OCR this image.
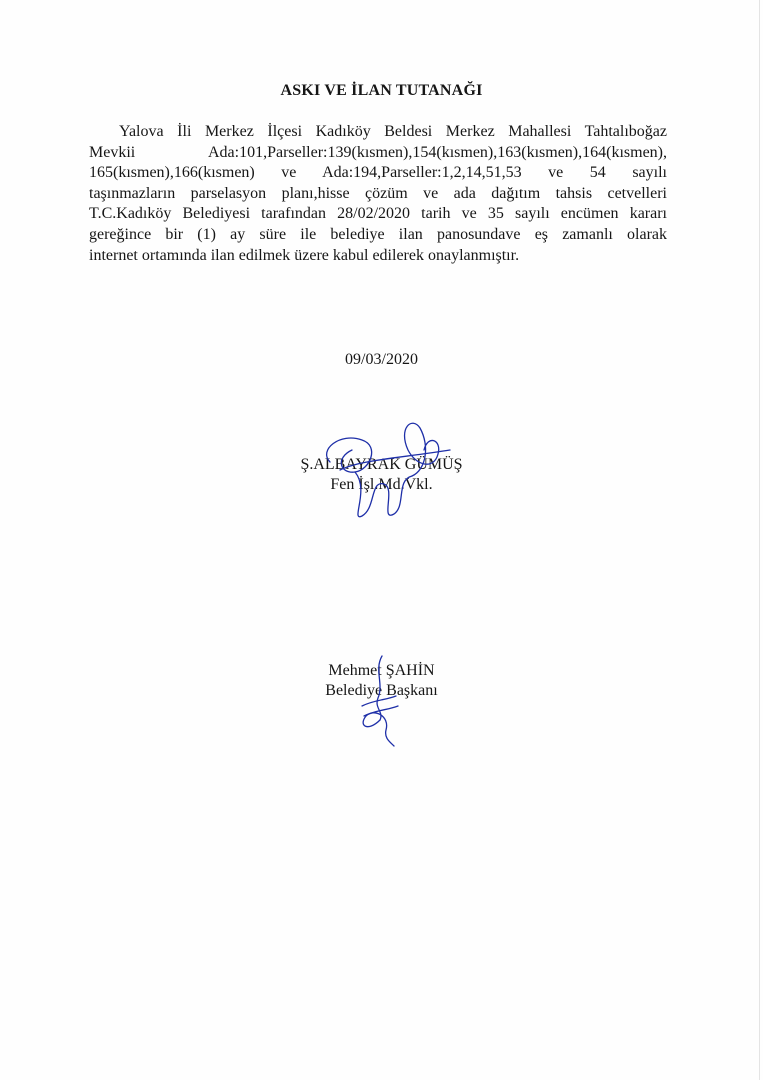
ASKI VE İLAN TUTANAĞI
Yalova İli Merkez İlçesi Kadıköy Beldesi Merkez Mahallesi Tahtalıboğaz
Mevkii Ada:101,Parseller:139(kısmen),154(kısmen),163(kısmen),164(kısmen),
165(kısmen),166(kısmen) ve Ada:194,Parseller:1,2,14,51,53 ve 54 sayılı
taşınmazların parselasyon planı,hisse çözüm ve ada dağıtım tahsis cetvelleri
T.C.Kadıköy Belediyesi tarafından 28/02/2020 tarih ve 35 sayılı encümen kararı
gereğince bir (1) ay süre ile belediye ilan panosundave eş zamanlı olarak
internet ortamında ilan edilmek üzere kabul edilerek onaylanmıştır.
09/03/2020
Ş.ALBAYRAK GÜMÜŞ
Fen İşl.Md.Vkl.
Mehmet ŞAHİN
Belediye Başkanı
